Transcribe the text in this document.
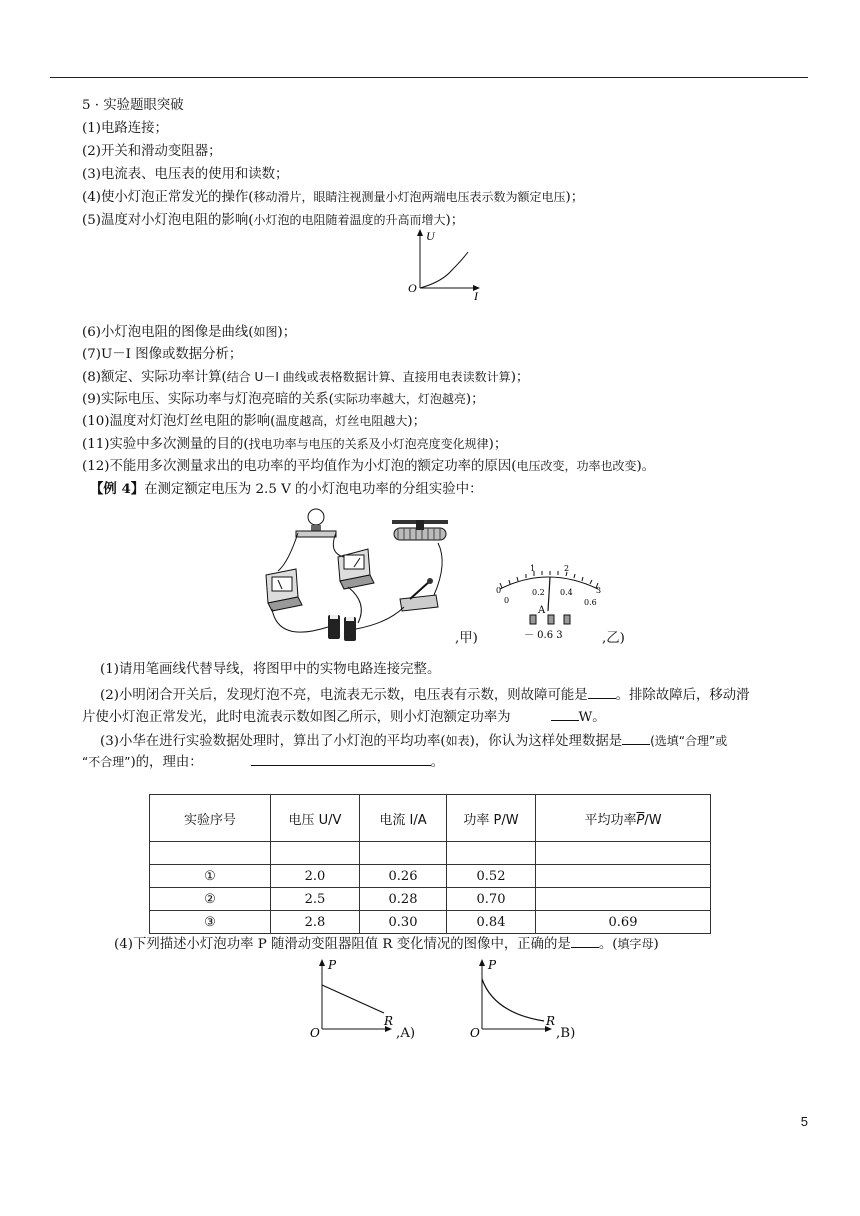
5 · 实验题眼突破
(1)电路连接；
(2)开关和滑动变阻器；
(3)电流表、电压表的使用和读数；
(4)使小灯泡正常发光的操作(移动滑片，眼睛注视测量小灯泡两端电压表示数为额定电压)；
(5)温度对小灯泡电阻的影响(小灯泡的电阻随着温度的升高而增大)；
U
I
O
(6)小灯泡电阻的图像是曲线(如图)；
(7)U－I 图像或数据分析；
(8)额定、实际功率计算(结合 U－I 曲线或表格数据计算、直接用电表读数计算)；
(9)实际电压、实际功率与灯泡亮暗的关系(实际功率越大，灯泡越亮)；
(10)温度对灯泡灯丝电阻的影响(温度越高，灯丝电阻越大)；
(11)实验中多次测量的目的(找电功率与电压的关系及小灯泡亮度变化规律)；
(12)不能用多次测量求出的电功率的平均值作为小灯泡的额定功率的原因(电压改变，功率也改变)。
【例 4】在测定额定电压为 2.5 V 的小灯泡电功率的分组实验中：
,甲)
0
1	2
3
0
0.2 0.4
0.6
A
－ 0.6 3	,乙)
(1)请用笔画线代替导线，将图甲中的实物电路连接完整。
(2)小明闭合开关后，发现灯泡不亮，电流表无示数，电压表有示数，则故障可能是 。排除故障后，移动滑
片使小灯泡正常发光，此时电流表示数如图乙所示，则小灯泡额定功率为	W。
(3)小华在进行实验数据处理时，算出了小灯泡的平均功率(如表)，你认为这样处理数据是 (选填“合理”或
“不合理”)的，理由：	。
实验序号	电压 U/V	电流 I/A	功率 P/W	平均功率$\overline{P}/W$

①	2.0	0.26	0.52	
②	2.5	0.28	0.70	
③	2.8	0.30	0.84	0.69
(4)下列描述小灯泡功率 P 随滑动变阻器阻值 R 变化情况的图像中，正确的是 。(填字母)
P
R
O	,A)
P
R
O	,B)
5
